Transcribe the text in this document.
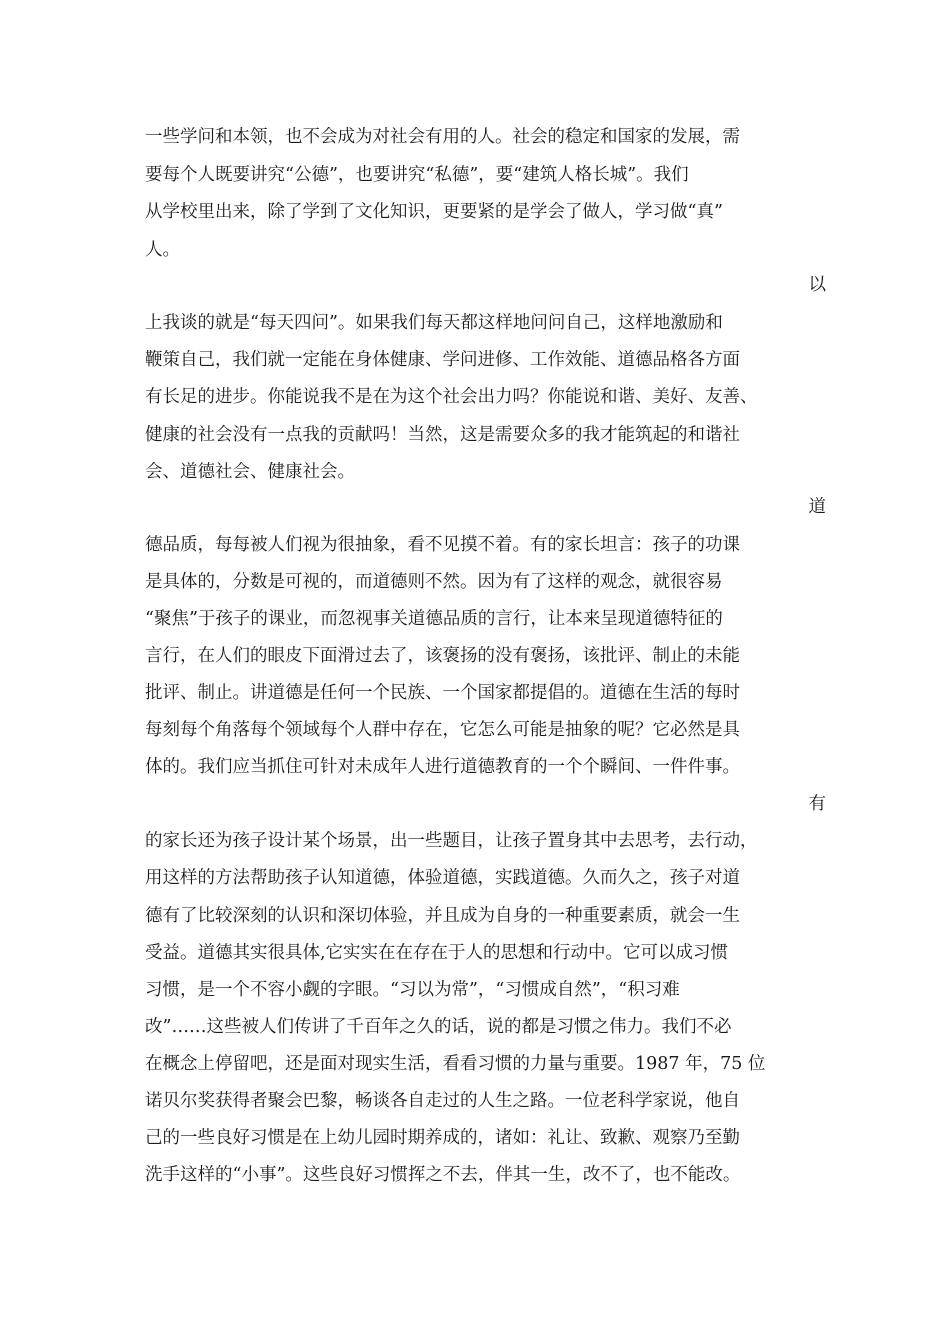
一些学问和本领，也不会成为对社会有用的人。社会的稳定和国家的发展，需
要每个人既要讲究“公德”，也要讲究“私德”，要“建筑人格长城”。我们
从学校里出来，除了学到了文化知识，更要紧的是学会了做人，学习做“真”
人。
以
上我谈的就是“每天四问”。如果我们每天都这样地问问自己，这样地激励和
鞭策自己，我们就一定能在身体健康、学问进修、工作效能、道德品格各方面
有长足的进步。你能说我不是在为这个社会出力吗？你能说和谐、美好、友善、
健康的社会没有一点我的贡献吗！当然，这是需要众多的我才能筑起的和谐社
会、道德社会、健康社会。
道
德品质，每每被人们视为很抽象，看不见摸不着。有的家长坦言：孩子的功课
是具体的，分数是可视的，而道德则不然。因为有了这样的观念，就很容易
“聚焦”于孩子的课业，而忽视事关道德品质的言行，让本来呈现道德特征的
言行，在人们的眼皮下面滑过去了，该褒扬的没有褒扬，该批评、制止的未能
批评、制止。讲道德是任何一个民族、一个国家都提倡的。道德在生活的每时
每刻每个角落每个领域每个人群中存在，它怎么可能是抽象的呢？它必然是具
体的。我们应当抓住可针对未成年人进行道德教育的一个个瞬间、一件件事。
有
的家长还为孩子设计某个场景，出一些题目，让孩子置身其中去思考，去行动，
用这样的方法帮助孩子认知道德，体验道德，实践道德。久而久之，孩子对道
德有了比较深刻的认识和深切体验，并且成为自身的一种重要素质，就会一生
受益。道德其实很具体,它实实在在存在于人的思想和行动中。它可以成习惯
习惯，是一个不容小觑的字眼。“习以为常”，“习惯成自然”，“积习难
改”……这些被人们传讲了千百年之久的话，说的都是习惯之伟力。我们不必
在概念上停留吧，还是面对现实生活，看看习惯的力量与重要。1987 年，75 位
诺贝尔奖获得者聚会巴黎，畅谈各自走过的人生之路。一位老科学家说，他自
己的一些良好习惯是在上幼儿园时期养成的，诸如：礼让、致歉、观察乃至勤
洗手这样的“小事”。这些良好习惯挥之不去，伴其一生，改不了，也不能改。
